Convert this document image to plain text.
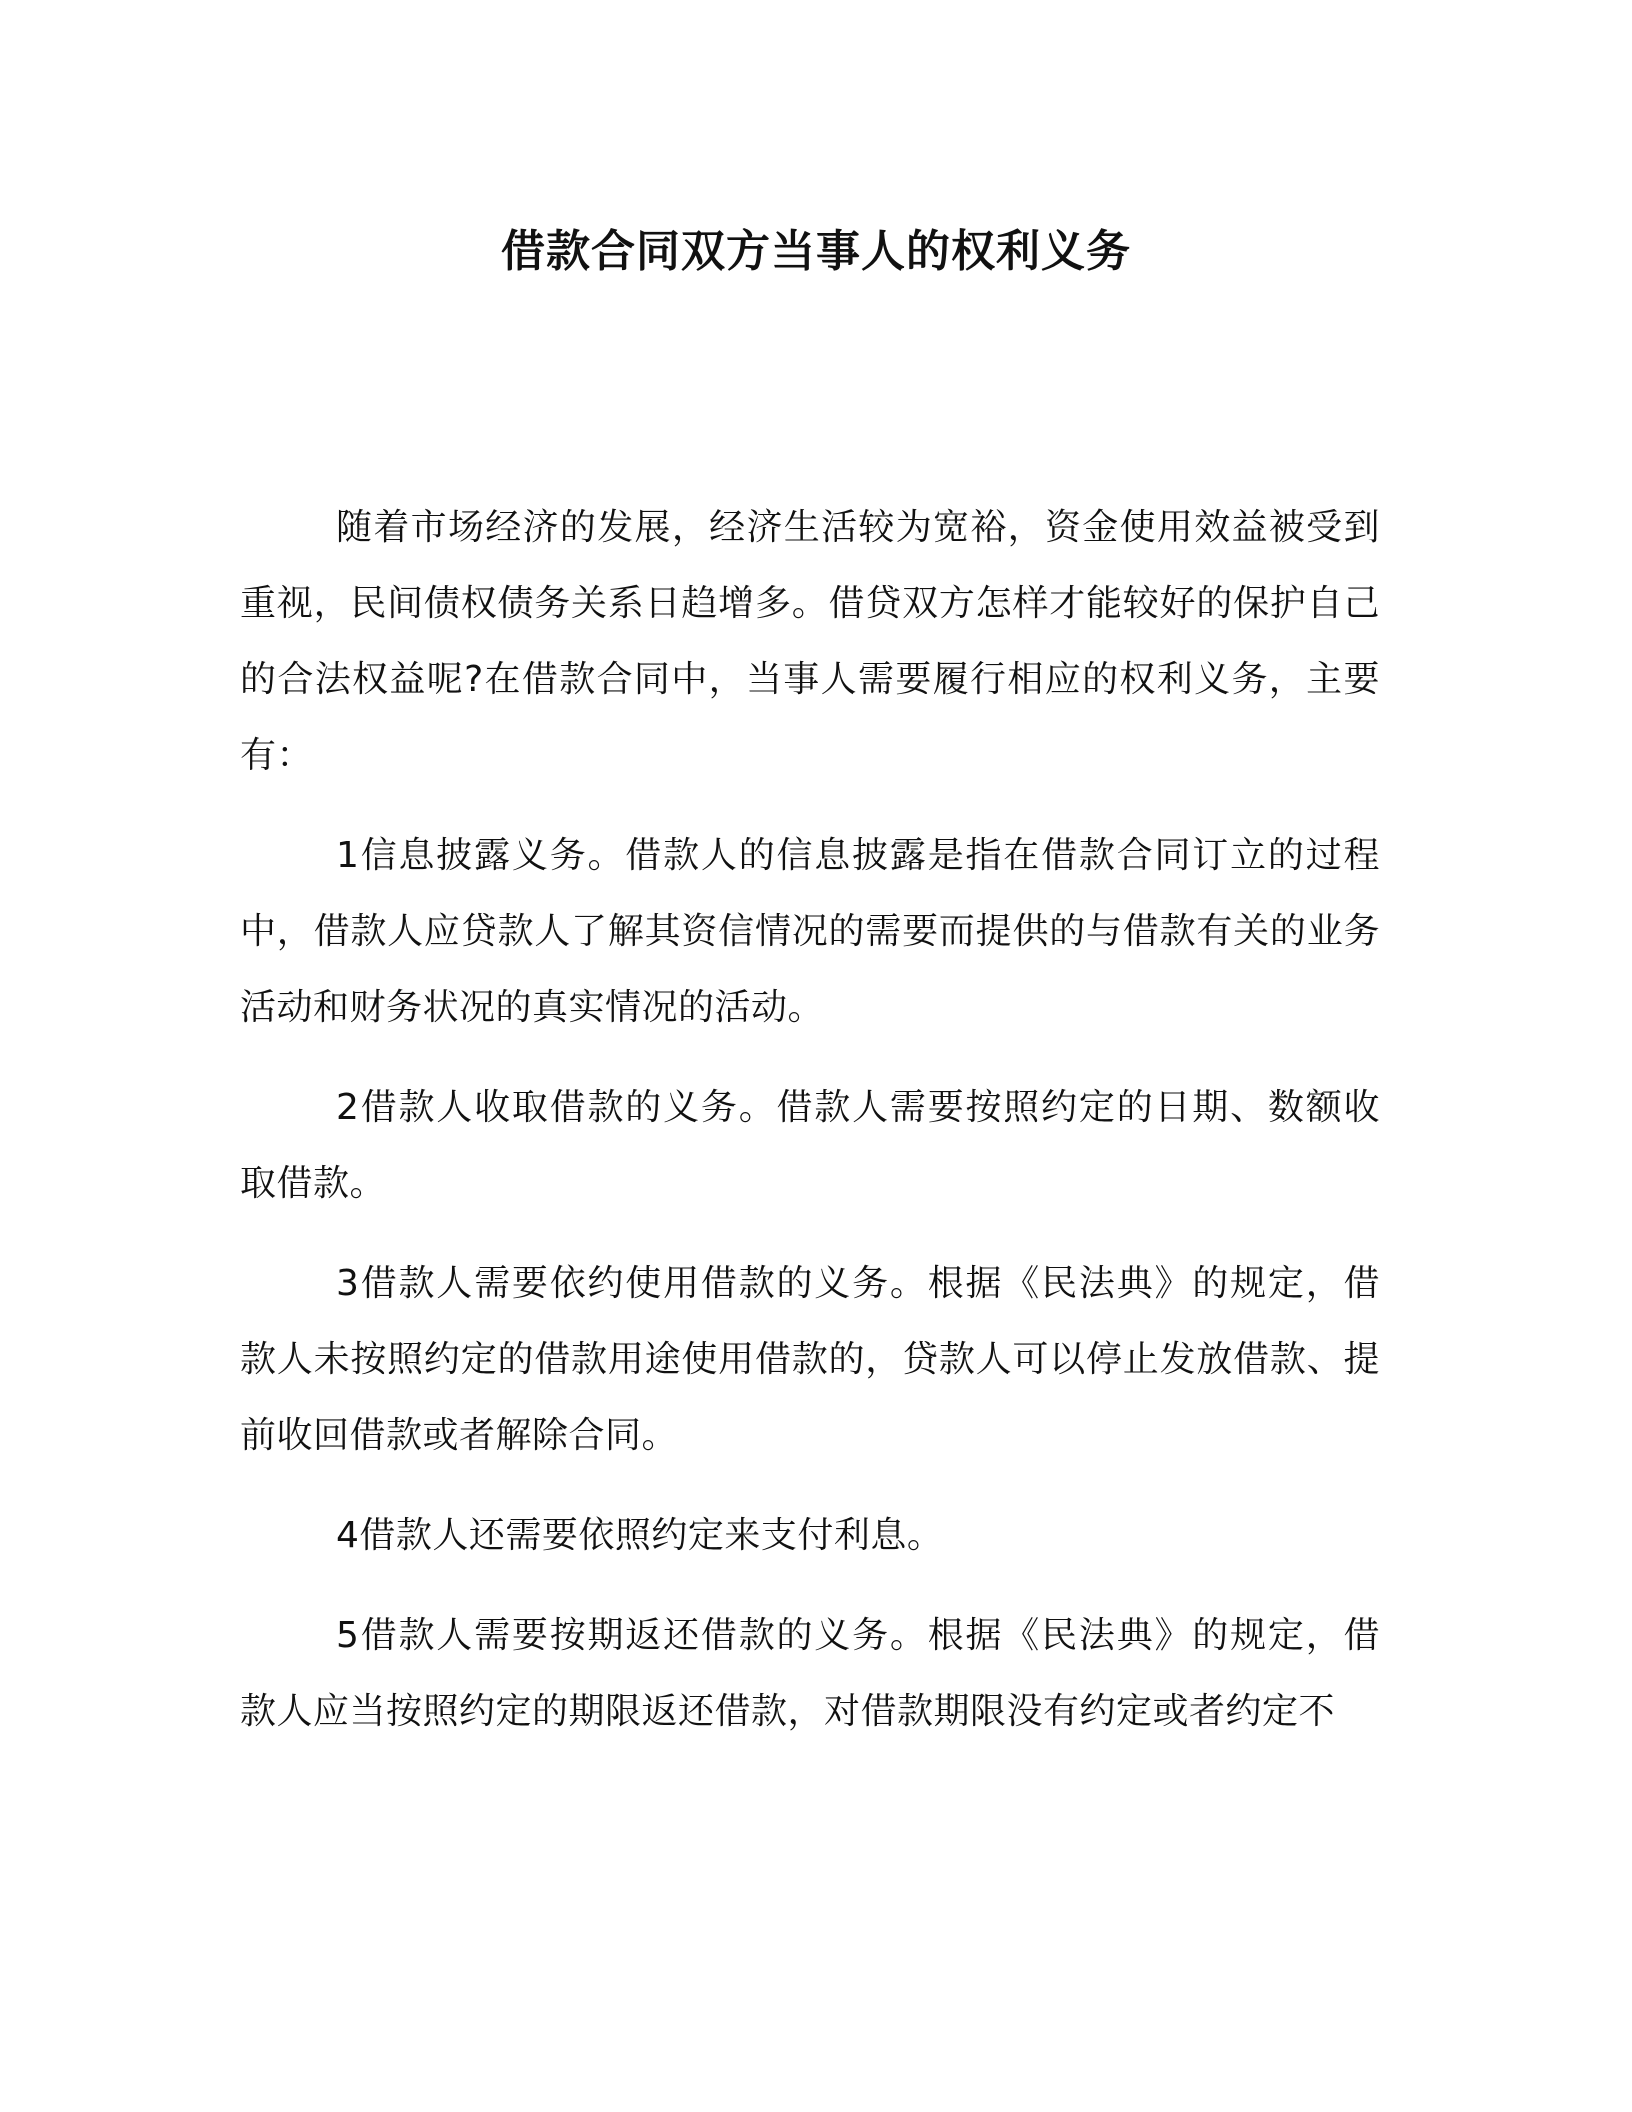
借款合同双方当事人的权利义务

随着市场经济的发展，经济生活较为宽裕，资金使用效益被受到重视，民间债权债务关系日趋增多。借贷双方怎样才能较好的保护自己的合法权益呢?在借款合同中，当事人需要履行相应的权利义务，主要有：

1信息披露义务。借款人的信息披露是指在借款合同订立的过程中，借款人应贷款人了解其资信情况的需要而提供的与借款有关的业务活动和财务状况的真实情况的活动。

2借款人收取借款的义务。借款人需要按照约定的日期、数额收取借款。

3借款人需要依约使用借款的义务。根据《民法典》的规定，借款人未按照约定的借款用途使用借款的，贷款人可以停止发放借款、提前收回借款或者解除合同。

4借款人还需要依照约定来支付利息。

5借款人需要按期返还借款的义务。根据《民法典》的规定，借款人应当按照约定的期限返还借款，对借款期限没有约定或者约定不
